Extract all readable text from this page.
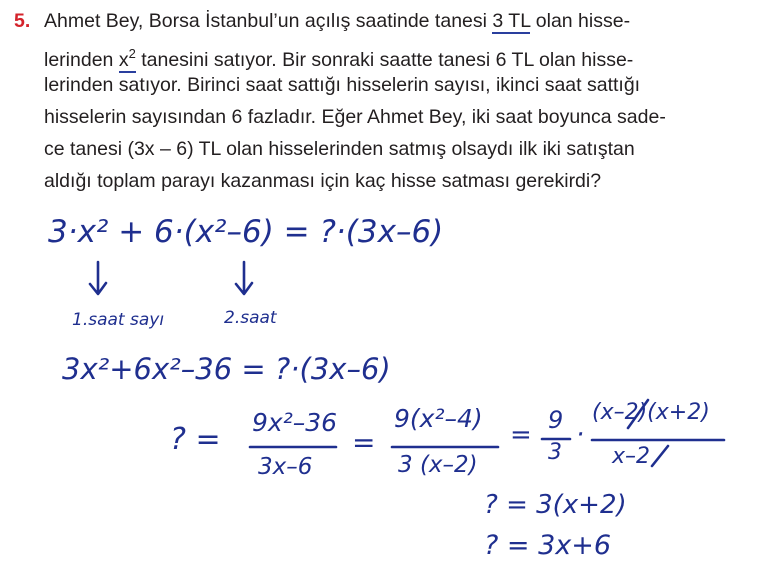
5. Ahmet Bey, Borsa İstanbul’un açılış saatinde tanesi 3 TL olan hisse-
lerinden $x^2$ tanesini satıyor. Bir sonraki saatte tanesi 6 TL olan hisse-
lerinden satıyor. Birinci saat sattığı hisselerin sayısı, ikinci saat sattığı
hisselerin sayısından 6 fazladır. Eğer Ahmet Bey, iki saat boyunca sade-
ce tanesi (3x – 6) TL olan hisselerinden satmış olsaydı ilk iki satıştan
aldığı toplam parayı kazanması için kaç hisse satması gerekirdi?
3·x² + 6·(x²–6) = ?·(3x–6)
1.saat sayı	2.saat
3x²+6x²–36 = ?·(3x–6)
? = 9x²–36
3x–6
=
9(x²–4)
3 (x–2)
= 9
3
·
(x–2)(x+2)
x–2
? = 3(x+2)
? = 3x+6
